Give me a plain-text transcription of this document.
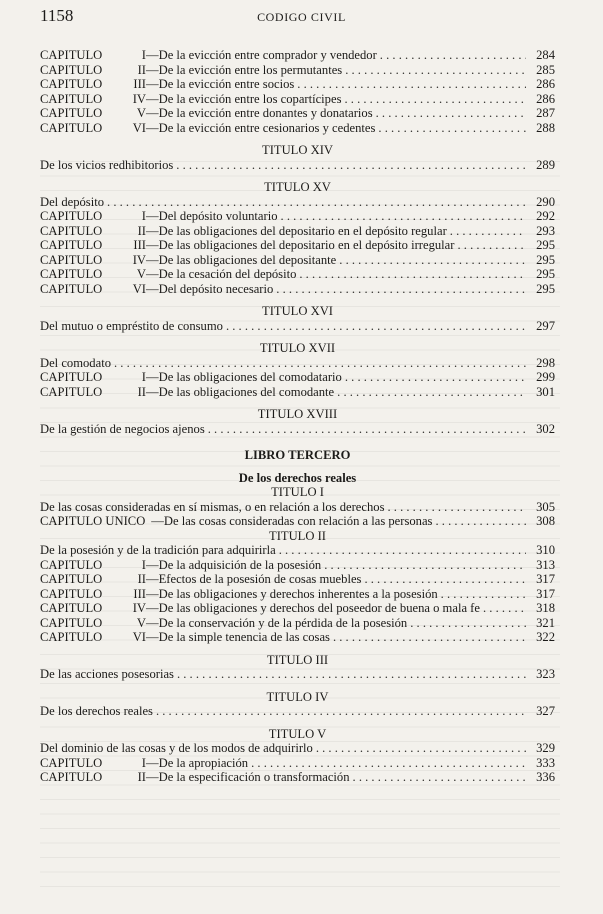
1158	CODIGO CIVIL
CAPITULO	I — De la evicción entre comprador y vendedor . . .	284
CAPITULO	II — De la evicción entre los permutantes . . .	285
CAPITULO	III — De la evicción entre socios . . .	286
CAPITULO	IV — De la evicción entre los copartícipes . . .	286
CAPITULO	V — De la evicción entre donantes y donatarios . . .	287
CAPITULO	VI — De la evicción entre cesionarios y cedentes . . .	288
TITULO XIV
De los vicios redhibitorios . . .	289
TITULO XV
Del depósito . . .	290
CAPITULO	I — Del depósito voluntario . . .	292
CAPITULO	II — De las obligaciones del depositario en el depósito regular . . .	293
CAPITULO	III — De las obligaciones del depositario en el depósito irregular . . .	295
CAPITULO	IV — De las obligaciones del depositante . . .	295
CAPITULO	V — De la cesación del depósito . . .	295
CAPITULO	VI — Del depósito necesario . . .	295
TITULO XVI
Del mutuo o empréstito de consumo . . .	297
TITULO XVII
Del comodato . . .	298
CAPITULO	I — De las obligaciones del comodatario . . .	299
CAPITULO	II — De las obligaciones del comodante . . .	301
TITULO XVIII
De la gestión de negocios ajenos . . .	302
LIBRO TERCERO
De los derechos reales
TITULO I
De las cosas consideradas en sí mismas, o en relación a los derechos . . .	305
CAPITULO UNICO — De las cosas consideradas con relación a las personas . . .	308
TITULO II
De la posesión y de la tradición para adquirirla . . .	310
CAPITULO	I — De la adquisición de la posesión . . .	313
CAPITULO	II — Efectos de la posesión de cosas muebles . . .	317
CAPITULO	III — De las obligaciones y derechos inherentes a la posesión . . .	317
CAPITULO	IV — De las obligaciones y derechos del poseedor de buena o mala fe . . .	318
CAPITULO	V — De la conservación y de la pérdida de la posesión . . .	321
CAPITULO	VI — De la simple tenencia de las cosas . . .	322
TITULO III
De las acciones posesorias . . .	323
TITULO IV
De los derechos reales . . .	327
TITULO V
Del dominio de las cosas y de los modos de adquirirlo . . .	329
CAPITULO	I — De la apropiación . . .	333
CAPITULO	II — De la especificación o transformación . . .	336
